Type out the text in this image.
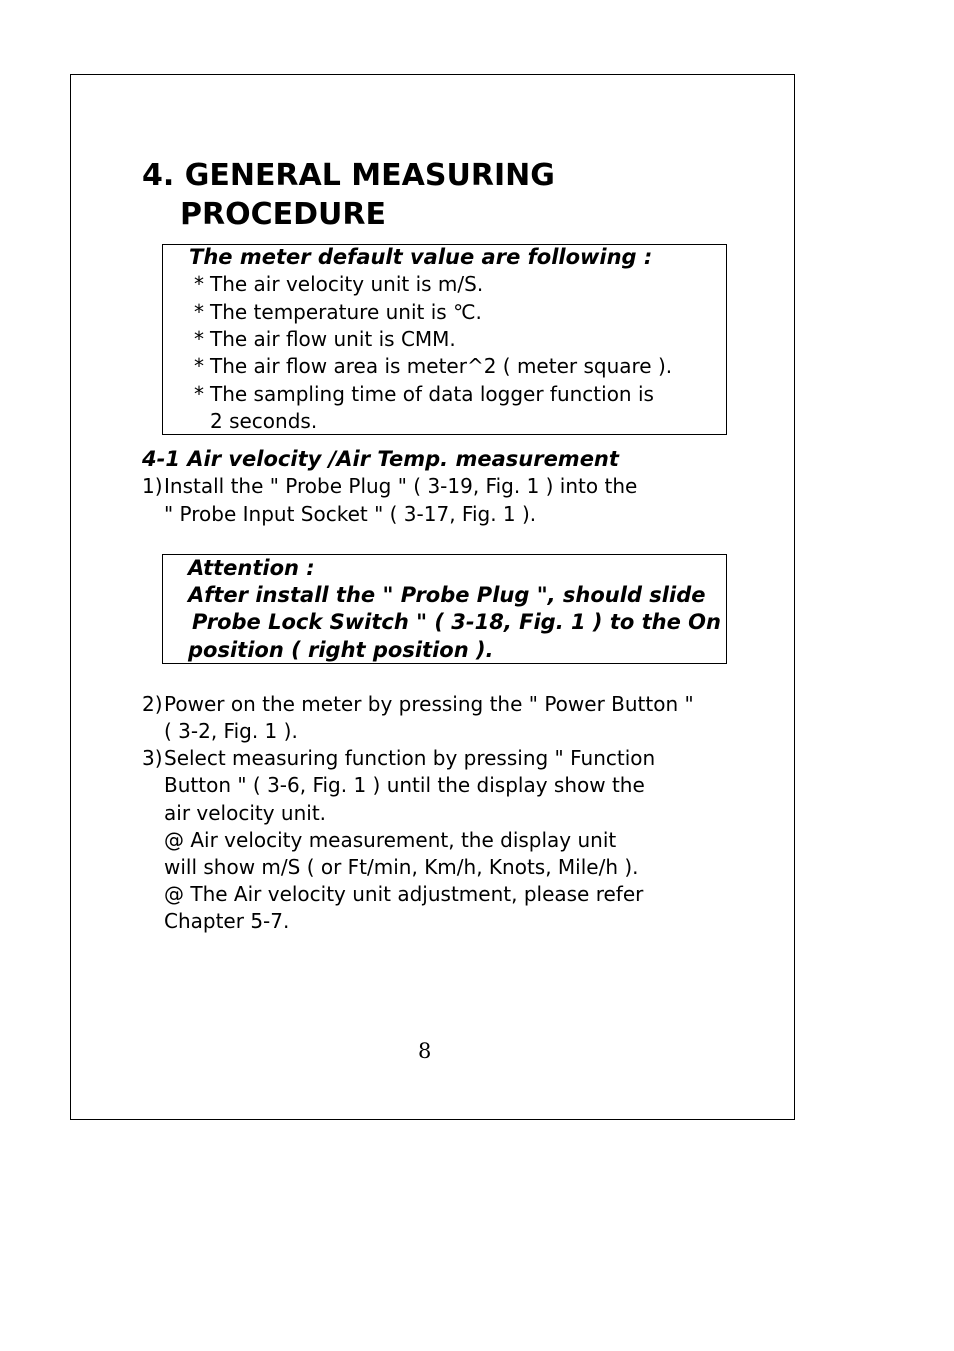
4. GENERAL MEASURING
PROCEDURE
The meter default value are following :
* The air velocity unit is m/S.
* The temperature unit is ℃.
* The air flow unit is CMM.
* The air flow area is meter^2 ( meter square ).
* The sampling time of data logger function is
2 seconds.
4-1 Air velocity /Air Temp. measurement
1)Install the " Probe Plug " ( 3-19, Fig. 1 ) into the
" Probe Input Socket " ( 3-17, Fig. 1 ).
Attention :
After install the " Probe Plug ", should slide
Probe Lock Switch " ( 3-18, Fig. 1 ) to the On
position ( right position ).
2)Power on the meter by pressing the " Power Button "
( 3-2, Fig. 1 ).
3)Select measuring function by pressing " Function
Button " ( 3-6, Fig. 1 ) until the display show the
air velocity unit.
@ Air velocity measurement, the display unit
will show m/S ( or Ft/min, Km/h, Knots, Mile/h ).
@ The Air velocity unit adjustment, please refer
Chapter 5-7.
8
